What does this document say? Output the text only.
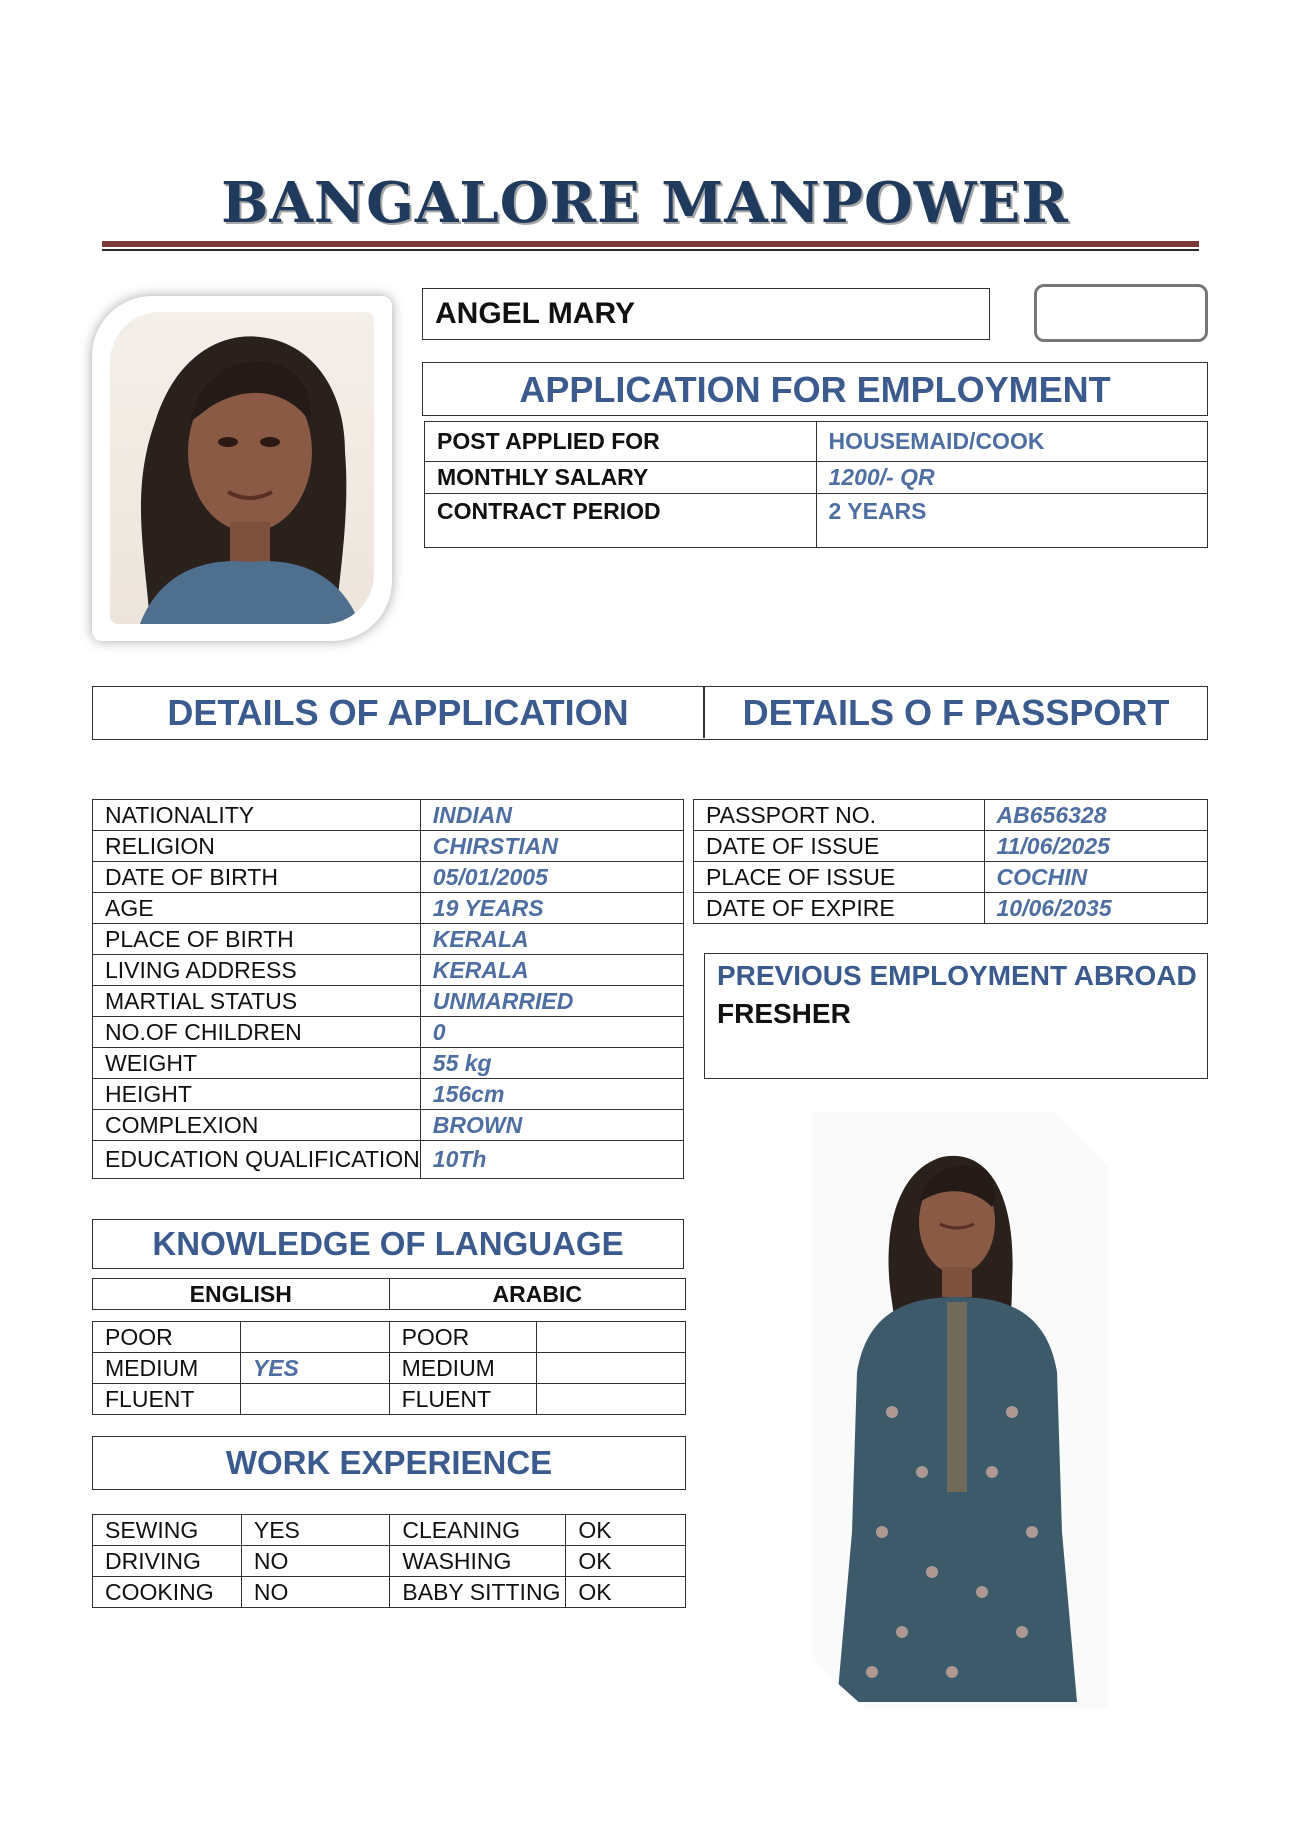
BANGALORE MANPOWER
ANGEL MARY
APPLICATION FOR EMPLOYMENT
POST APPLIED FOR	HOUSEMAID/COOK
MONTHLY SALARY	1200/- QR
CONTRACT PERIOD	2 YEARS
DETAILS OF APPLICATION	DETAILS O F PASSPORT
NATIONALITY	INDIAN
RELIGION	CHIRSTIAN
DATE OF BIRTH	05/01/2005
AGE	19 YEARS
PLACE OF BIRTH	KERALA
LIVING ADDRESS	KERALA
MARTIAL STATUS	UNMARRIED
NO.OF CHILDREN	0
WEIGHT	55 kg
HEIGHT	156cm
COMPLEXION	BROWN
EDUCATION QUALIFICATION	10Th
PASSPORT NO.	AB656328
DATE OF ISSUE	11/06/2025
PLACE OF ISSUE	COCHIN
DATE OF EXPIRE	10/06/2035
PREVIOUS EMPLOYMENT ABROAD
FRESHER
KNOWLEDGE OF LANGUAGE
ENGLISH	ARABIC
POOR		POOR	
MEDIUM	YES	MEDIUM	
FLUENT		FLUENT	
WORK EXPERIENCE
SEWING	YES	CLEANING	OK
DRIVING	NO	WASHING	OK
COOKING	NO	BABY SITTING	OK
